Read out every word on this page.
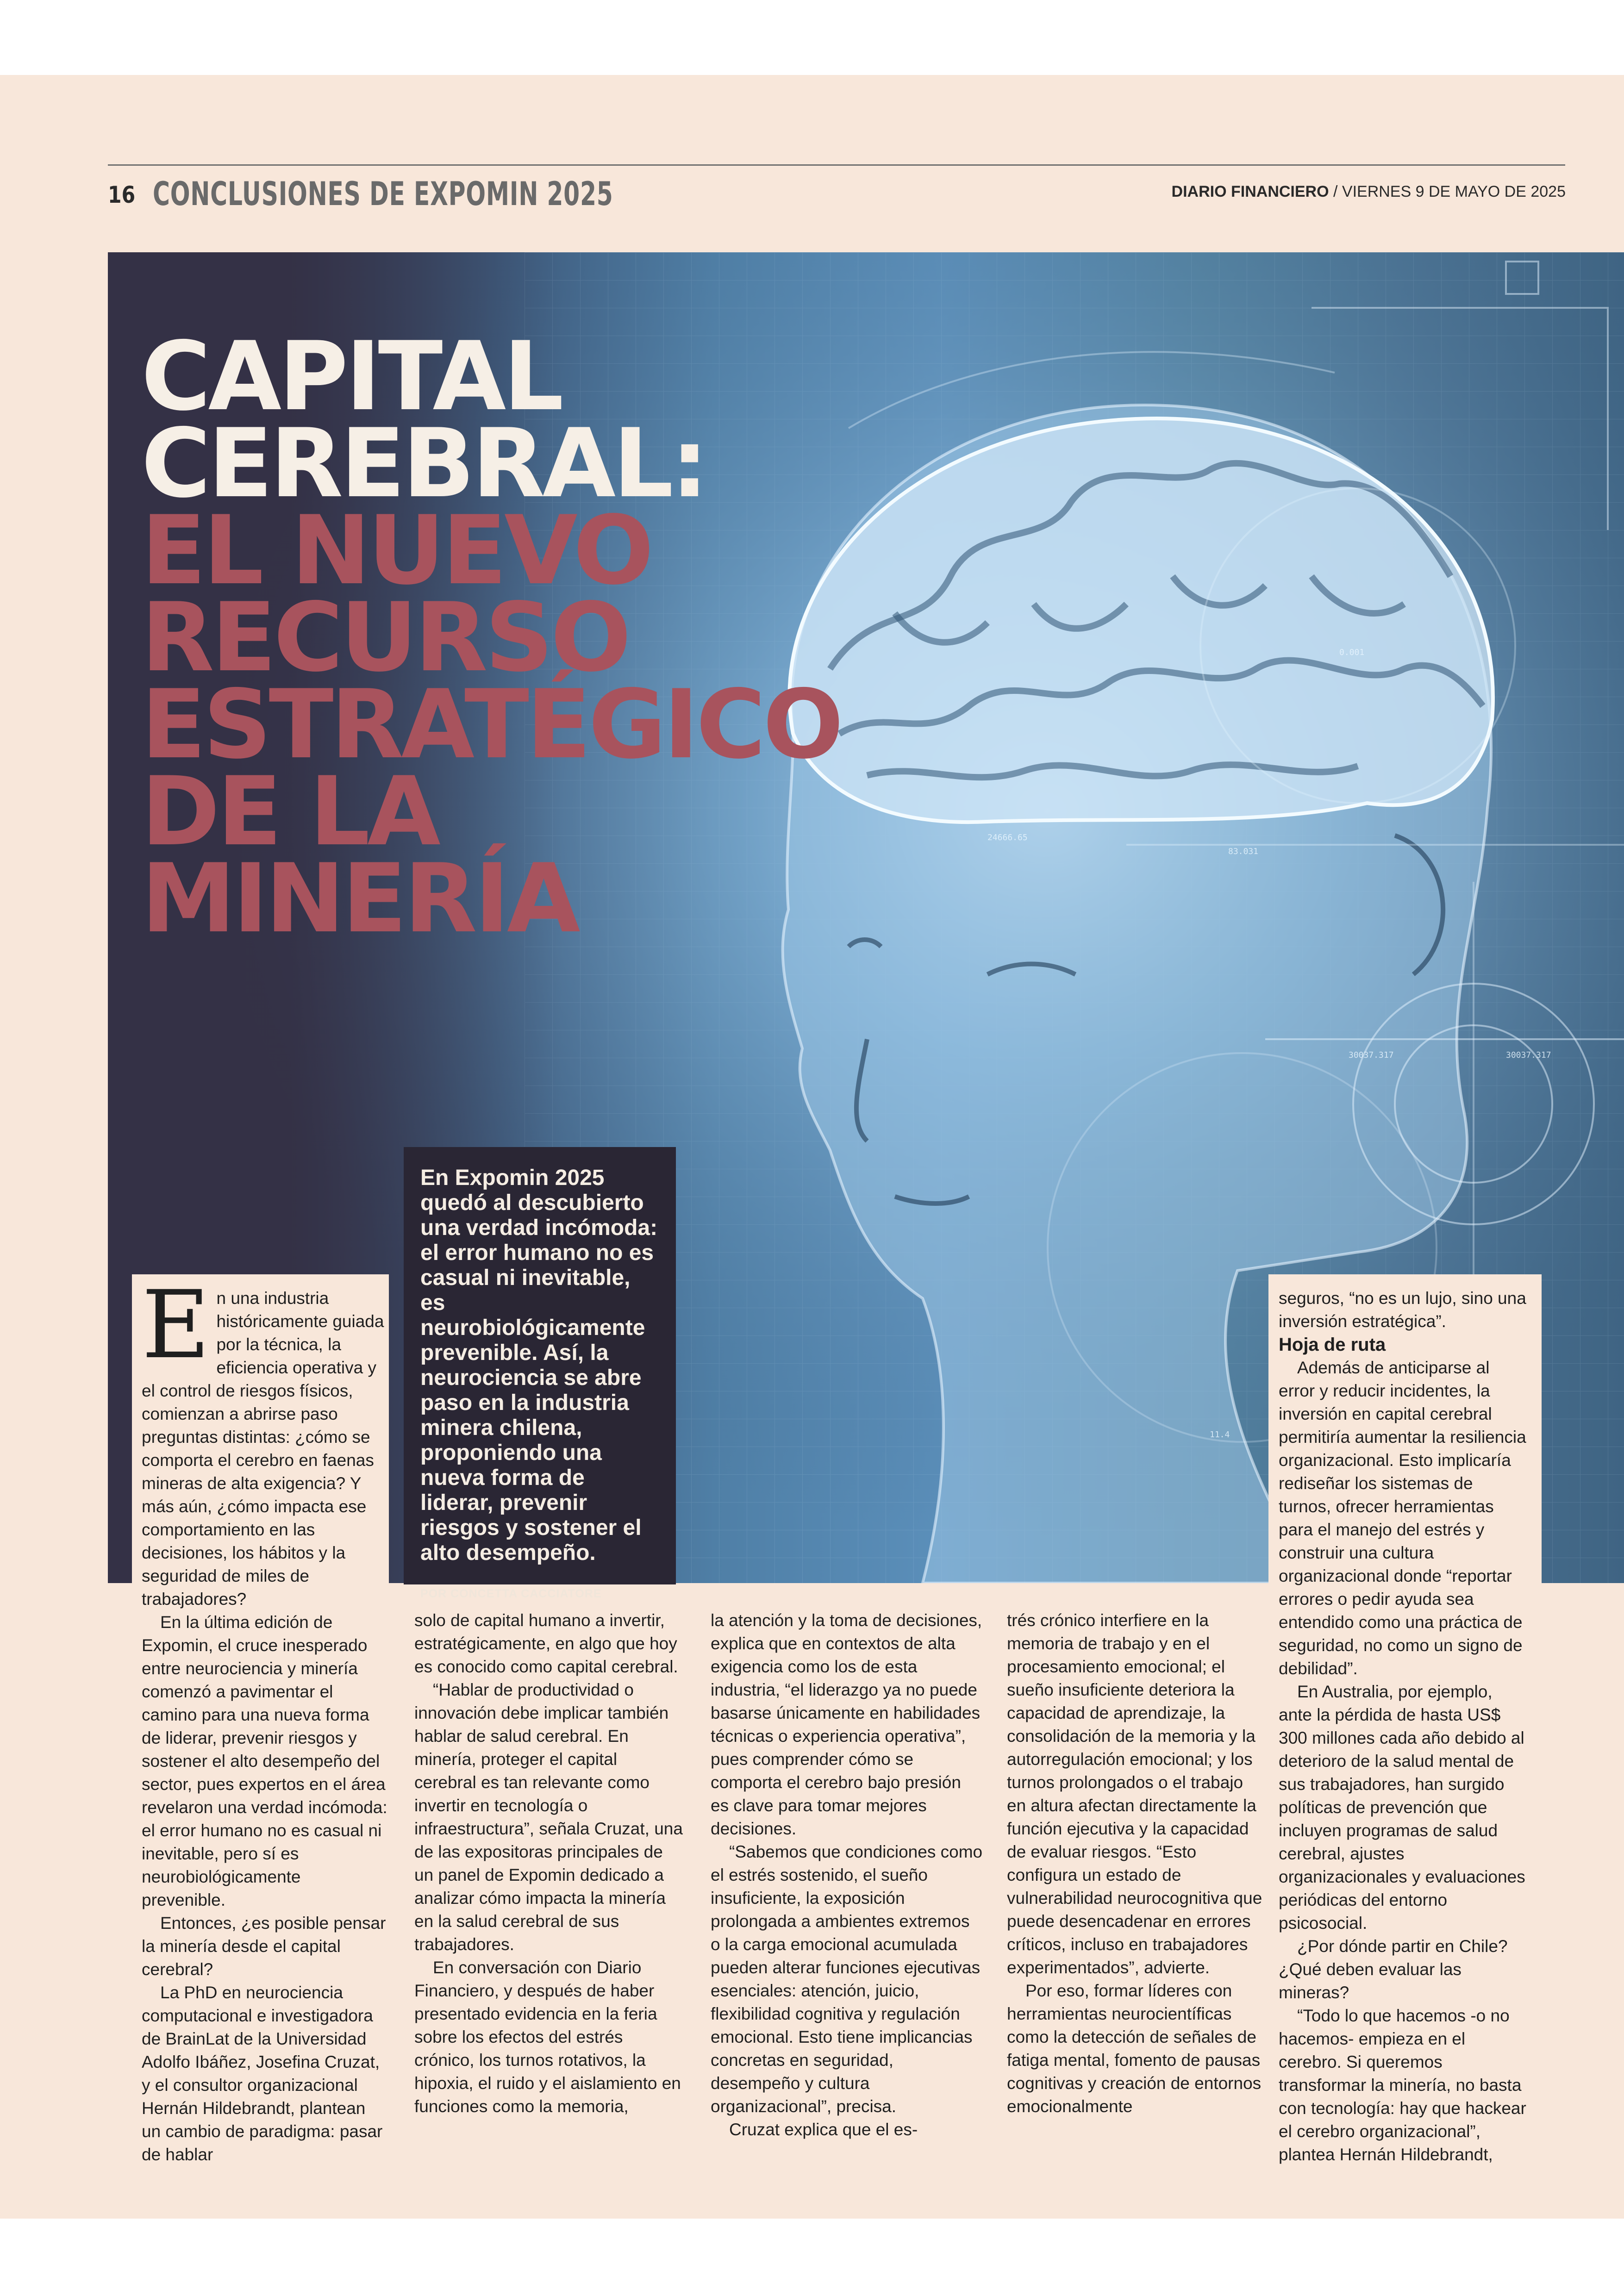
16 CONCLUSIONES DE EXPOMIN 2025	DIARIO FINANCIERO / VIERNES 9 DE MAYO DE 2025
CAPITAL
CEREBRAL:
EL NUEVO
RECURSO
ESTRATÉGICO
DE LA
MINERÍA

En Expomin 2025 quedó al descubierto una verdad incómoda: el error humano no es casual ni inevitable, es neurobiológicamente prevenible. Así, la neurociencia se abre paso en la industria minera chilena, proponiendo una nueva forma de liderar, prevenir riesgos y sostener el alto desempeño.

POR CONCETTA CACCIATORE

En una industria históricamente guiada por la técnica, la eficiencia operativa y el control de riesgos físicos, comienzan a abrirse paso preguntas distintas: ¿cómo se comporta el cerebro en faenas mineras de alta exigencia? Y más aún, ¿cómo impacta ese comportamiento en las decisiones, los hábitos y la seguridad de miles de trabajadores?

En la última edición de Expomin, el cruce inesperado entre neurociencia y minería comenzó a pavimentar el camino para una nueva forma de liderar, prevenir riesgos y sostener el alto desempeño del sector, pues expertos en el área revelaron una verdad incómoda: el error humano no es casual ni inevitable, pero sí es neurobiológicamente prevenible.

Entonces, ¿es posible pensar la minería desde el capital cerebral?

La PhD en neurociencia computacional e investigadora de BrainLat de la Universidad Adolfo Ibáñez, Josefina Cruzat, y el consultor organizacional Hernán Hildebrandt, plantean un cambio de paradigma: pasar de hablar

solo de capital humano a invertir, estratégicamente, en algo que hoy es conocido como capital cerebral.

“Hablar de productividad o innovación debe implicar también hablar de salud cerebral. En minería, proteger el capital cerebral es tan relevante como invertir en tecnología o infraestructura”, señala Cruzat, una de las expositoras principales de un panel de Expomin dedicado a analizar cómo impacta la minería en la salud cerebral de sus trabajadores.

En conversación con Diario Financiero, y después de haber presentado evidencia en la feria sobre los efectos del estrés crónico, los turnos rotativos, la hipoxia, el ruido y el aislamiento en funciones como la memoria,

la atención y la toma de decisiones, explica que en contextos de alta exigencia como los de esta industria, “el liderazgo ya no puede basarse únicamente en habilidades técnicas o experiencia operativa”, pues comprender cómo se comporta el cerebro bajo presión es clave para tomar mejores decisiones.

“Sabemos que condiciones como el estrés sostenido, el sueño insuficiente, la exposición prolongada a ambientes extremos o la carga emocional acumulada pueden alterar funciones ejecutivas esenciales: atención, juicio, flexibilidad cognitiva y regulación emocional. Esto tiene implicancias concretas en seguridad, desempeño y cultura organizacional”, precisa.

Cruzat explica que el es-

trés crónico interfiere en la memoria de trabajo y en el procesamiento emocional; el sueño insuficiente deteriora la capacidad de aprendizaje, la consolidación de la memoria y la autorregulación emocional; y los turnos prolongados o el trabajo en altura afectan directamente la función ejecutiva y la capacidad de evaluar riesgos. “Esto configura un estado de vulnerabilidad neurocognitiva que puede desencadenar en errores críticos, incluso en trabajadores experimentados”, advierte.

Por eso, formar líderes con herramientas neurocientíficas como la detección de señales de fatiga mental, fomento de pausas cognitivas y creación de entornos emocionalmente

seguros, “no es un lujo, sino una inversión estratégica”.

Hoja de ruta

Además de anticiparse al error y reducir incidentes, la inversión en capital cerebral permitiría aumentar la resiliencia organizacional. Esto implicaría rediseñar los sistemas de turnos, ofrecer herramientas para el manejo del estrés y construir una cultura organizacional donde “reportar errores o pedir ayuda sea entendido como una práctica de seguridad, no como un signo de debilidad”.

En Australia, por ejemplo, ante la pérdida de hasta US$ 300 millones cada año debido al deterioro de la salud mental de sus trabajadores, han surgido políticas de prevención que incluyen programas de salud cerebral, ajustes organizacionales y evaluaciones periódicas del entorno psicosocial.

¿Por dónde partir en Chile? ¿Qué deben evaluar las mineras?

“Todo lo que hacemos -o no hacemos- empieza en el cerebro. Si queremos transformar la minería, no basta con tecnología: hay que hackear el cerebro organizacional”, plantea Hernán Hildebrandt,
